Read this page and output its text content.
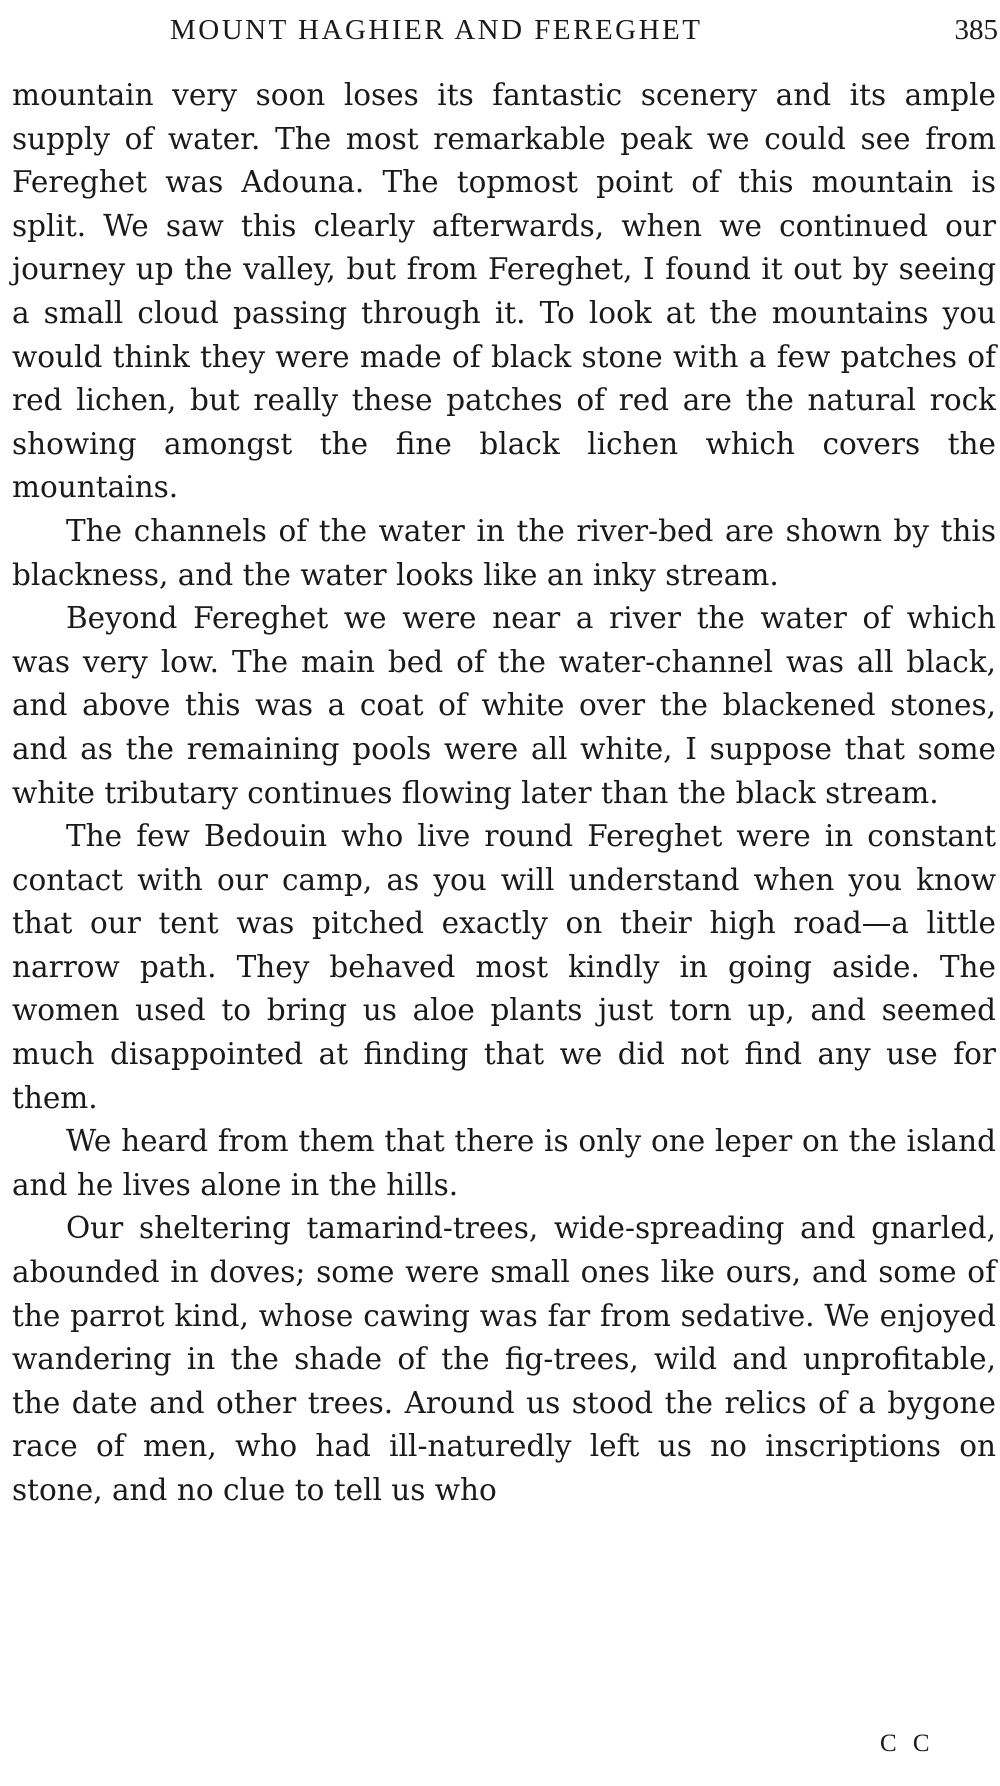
MOUNT HAGHIER AND FEREGHET	385

mountain very soon loses its fantastic scenery and its ample supply of water. The most remarkable peak we could see from Fereghet was Adouna. The topmost point of this mountain is split. We saw this clearly afterwards, when we continued our journey up the valley, but from Fereghet, I found it out by seeing a small cloud passing through it. To look at the mountains you would think they were made of black stone with a few patches of red lichen, but really these patches of red are the natural rock showing amongst the fine black lichen which covers the mountains.

The channels of the water in the river-bed are shown by this blackness, and the water looks like an inky stream.

Beyond Fereghet we were near a river the water of which was very low. The main bed of the water-channel was all black, and above this was a coat of white over the blackened stones, and as the remaining pools were all white, I suppose that some white tributary continues flowing later than the black stream.

The few Bedouin who live round Fereghet were in constant contact with our camp, as you will understand when you know that our tent was pitched exactly on their high road—a little narrow path. They behaved most kindly in going aside. The women used to bring us aloe plants just torn up, and seemed much disappointed at finding that we did not find any use for them.

We heard from them that there is only one leper on the island and he lives alone in the hills.

Our sheltering tamarind-trees, wide-spreading and gnarled, abounded in doves; some were small ones like ours, and some of the parrot kind, whose cawing was far from sedative. We enjoyed wandering in the shade of the fig-trees, wild and unprofitable, the date and other trees. Around us stood the relics of a bygone race of men, who had ill-naturedly left us no inscriptions on stone, and no clue to tell us who

C C
